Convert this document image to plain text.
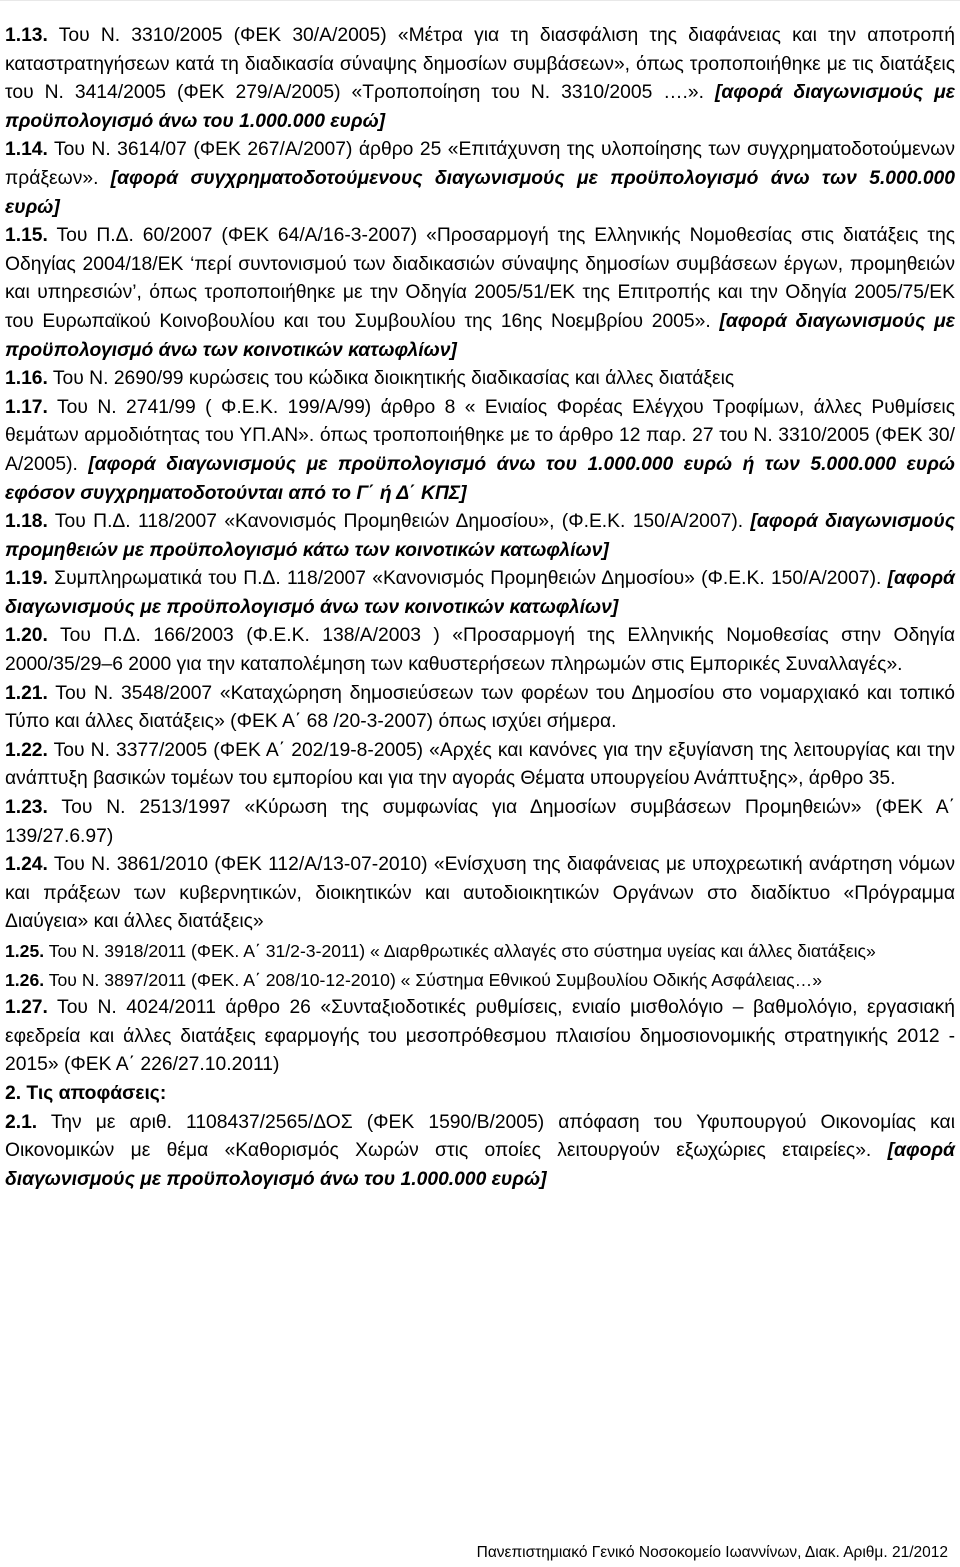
1.13. Του Ν. 3310/2005 (ΦΕΚ 30/Α/2005) «Μέτρα για τη διασφάλιση της διαφάνειας και την αποτροπή καταστρατηγήσεων κατά τη διαδικασία σύναψης δημοσίων συμβάσεων», όπως τροποποιήθηκε με τις διατάξεις του Ν. 3414/2005 (ΦΕΚ 279/Α/2005) «Τροποποίηση του Ν. 3310/2005 ….». [αφορά διαγωνισμούς με προϋπολογισμό άνω του 1.000.000 ευρώ]

1.14. Του Ν. 3614/07 (ΦΕΚ 267/Α/2007) άρθρο 25 «Επιτάχυνση της υλοποίησης των συγχρηματοδοτούμενων πράξεων». [αφορά συγχρηματοδοτούμενους διαγωνισμούς με προϋπολογισμό άνω των 5.000.000 ευρώ]

1.15. Του Π.Δ. 60/2007 (ΦΕΚ 64/Α/16-3-2007) «Προσαρμογή της Ελληνικής Νομοθεσίας στις διατάξεις της Οδηγίας 2004/18/ΕΚ ‘περί συντονισμού των διαδικασιών σύναψης δημοσίων συμβάσεων έργων, προμηθειών και υπηρεσιών’, όπως τροποποιήθηκε με την Οδηγία 2005/51/ΕΚ της Επιτροπής και την Οδηγία 2005/75/ΕΚ του Ευρωπαϊκού Κοινοβουλίου και του Συμβουλίου της 16ης Νοεμβρίου 2005». [αφορά διαγωνισμούς με προϋπολογισμό άνω των κοινοτικών κατωφλίων]

1.16. Του Ν. 2690/99 κυρώσεις του κώδικα διοικητικής διαδικασίας και άλλες διατάξεις

1.17. Του Ν. 2741/99 ( Φ.Ε.Κ. 199/Α/99) άρθρο 8 « Ενιαίος Φορέας Ελέγχου Τροφίμων, άλλες Ρυθμίσεις θεμάτων αρμοδιότητας του ΥΠ.ΑΝ». όπως τροποποιήθηκε με το άρθρο 12 παρ. 27 του Ν. 3310/2005 (ΦΕΚ 30/Α/2005). [αφορά διαγωνισμούς με προϋπολογισμό άνω του 1.000.000 ευρώ ή των 5.000.000 ευρώ εφόσον συγχρηματοδοτούνται από το Γ΄ ή Δ΄ ΚΠΣ]

1.18. Του Π.Δ. 118/2007 «Κανονισμός Προμηθειών Δημοσίου», (Φ.Ε.Κ. 150/Α/2007). [αφορά διαγωνισμούς προμηθειών με προϋπολογισμό κάτω των κοινοτικών κατωφλίων]

1.19. Συμπληρωματικά του Π.Δ. 118/2007 «Κανονισμός Προμηθειών Δημοσίου» (Φ.Ε.Κ. 150/Α/2007). [αφορά διαγωνισμούς με προϋπολογισμό άνω των κοινοτικών κατωφλίων]

1.20. Του Π.Δ. 166/2003 (Φ.Ε.Κ. 138/Α/2003 ) «Προσαρμογή της Ελληνικής Νομοθεσίας στην Οδηγία 2000/35/29–6 2000 για την καταπολέμηση των καθυστερήσεων πληρωμών στις Εμπορικές Συναλλαγές».

1.21. Του Ν. 3548/2007 «Καταχώρηση δημοσιεύσεων των φορέων του Δημοσίου στο νομαρχιακό και τοπικό Τύπο και άλλες διατάξεις» (ΦΕΚ Α΄ 68 /20-3-2007) όπως ισχύει σήμερα.

1.22. Του Ν. 3377/2005 (ΦΕΚ Α΄ 202/19-8-2005) «Αρχές και κανόνες για την εξυγίανση της λειτουργίας και την ανάπτυξη βασικών τομέων του εμπορίου και για την αγοράς Θέματα υπουργείου Ανάπτυξης», άρθρο 35.

1.23. Του Ν. 2513/1997 «Κύρωση της συμφωνίας για Δημοσίων συμβάσεων Προμηθειών» (ΦΕΚ Α΄ 139/27.6.97)

1.24. Του Ν. 3861/2010 (ΦΕΚ 112/Α/13-07-2010) «Ενίσχυση της διαφάνειας με υποχρεωτική ανάρτηση νόμων και πράξεων των κυβερνητικών, διοικητικών και αυτοδιοικητικών Οργάνων στο διαδίκτυο «Πρόγραμμα Διαύγεια» και άλλες διατάξεις»

1.25. Του Ν. 3918/2011 (ΦΕΚ. Α΄ 31/2-3-2011) « Διαρθρωτικές αλλαγές στο σύστημα υγείας και άλλες διατάξεις»

1.26. Του Ν. 3897/2011 (ΦΕΚ. Α΄ 208/10-12-2010) « Σύστημα Εθνικού Συμβουλίου Οδικής Ασφάλειας…»

1.27. Του Ν. 4024/2011 άρθρο 26 «Συνταξιοδοτικές ρυθμίσεις, ενιαίο μισθολόγιο – βαθμολόγιο, εργασιακή εφεδρεία και άλλες διατάξεις εφαρμογής του μεσοπρόθεσμου πλαισίου δημοσιονομικής στρατηγικής 2012 - 2015» (ΦΕΚ Α΄ 226/27.10.2011)

2. Τις αποφάσεις:

2.1. Την με αριθ. 1108437/2565/ΔΟΣ (ΦΕΚ 1590/Β/2005) απόφαση του Υφυπουργού Οικονομίας και Οικονομικών με θέμα «Καθορισμός Χωρών στις οποίες λειτουργούν εξωχώριες εταιρείες». [αφορά διαγωνισμούς με προϋπολογισμό άνω του 1.000.000 ευρώ]

Πανεπιστημιακό Γενικό Νοσοκομείο Ιωαννίνων, Διακ. Αριθμ. 21/2012
